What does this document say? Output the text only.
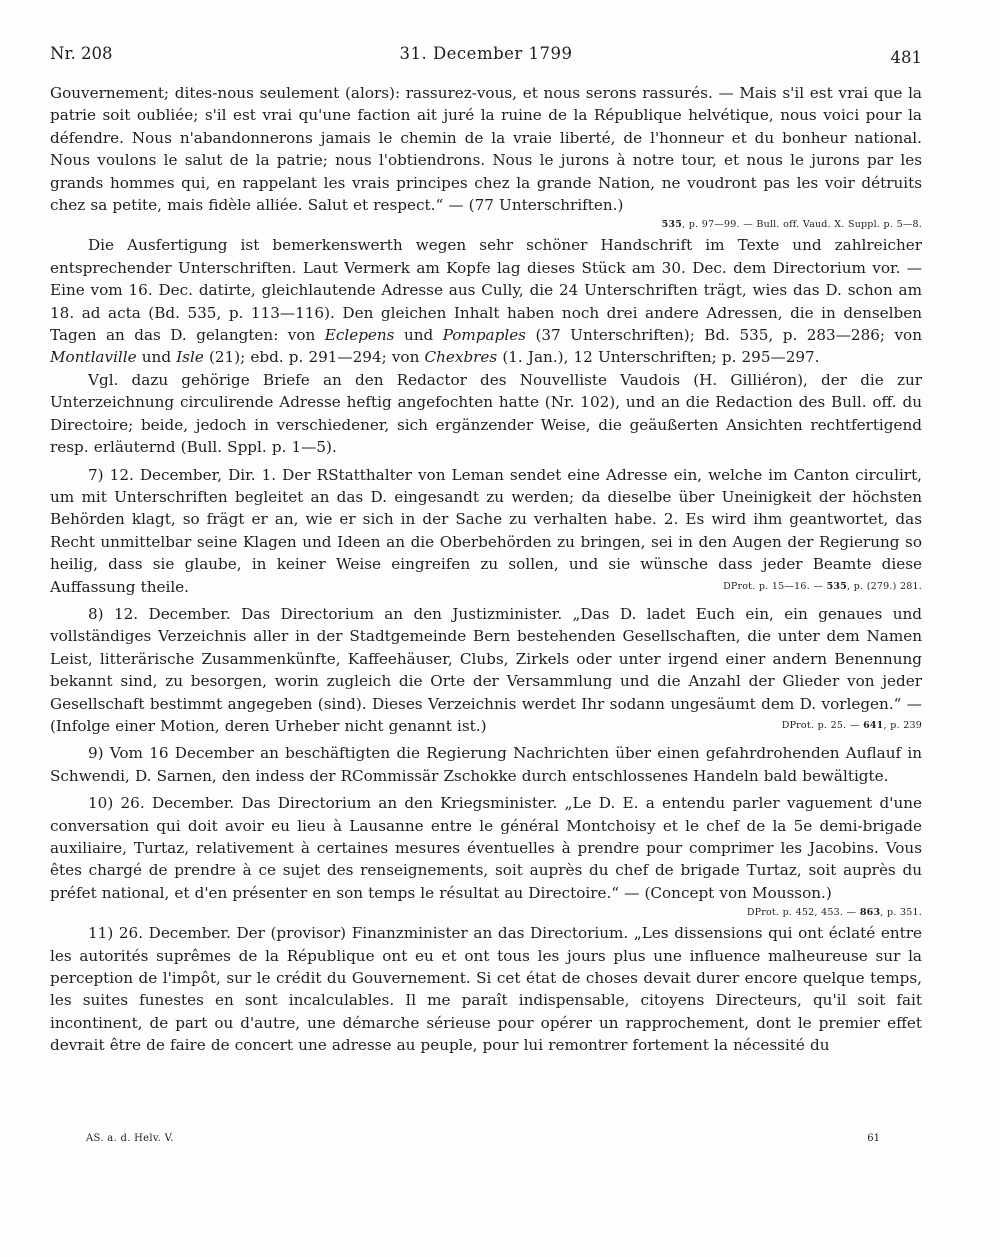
Nr. 208	31. December 1799	481

Gouvernement; dites-nous seulement (alors): rassurez-vous, et nous serons rassurés. — Mais s'il est vrai que la patrie soit oubliée; s'il est vrai qu'une faction ait juré la ruine de la République helvétique, nous voici pour la défendre. Nous n'abandonnerons jamais le chemin de la vraie liberté, de l'honneur et du bonheur national. Nous voulons le salut de la patrie; nous l'obtiendrons. Nous le jurons à notre tour, et nous le jurons par les grands hommes qui, en rappelant les vrais principes chez la grande Nation, ne voudront pas les voir détruits chez sa petite, mais fidèle alliée. Salut et respect.“ — (77 Unterschriften.)
535, p. 97—99. — Bull. off. Vaud. X. Suppl. p. 5—8.

Die Ausfertigung ist bemerkenswerth wegen sehr schöner Handschrift im Texte und zahlreicher entsprechender Unterschriften. Laut Vermerk am Kopfe lag dieses Stück am 30. Dec. dem Directorium vor. — Eine vom 16. Dec. datirte, gleichlautende Adresse aus Cully, die 24 Unterschriften trägt, wies das D. schon am 18. ad acta (Bd. 535, p. 113—116). Den gleichen Inhalt haben noch drei andere Adressen, die in denselben Tagen an das D. gelangten: von Eclepens und Pompaples (37 Unterschriften); Bd. 535, p. 283—286; von Montlaville und Isle (21); ebd. p. 291—294; von Chexbres (1. Jan.), 12 Unterschriften; p. 295—297.

Vgl. dazu gehörige Briefe an den Redactor des Nouvelliste Vaudois (H. Gilliéron), der die zur Unterzeichnung circulirende Adresse heftig angefochten hatte (Nr. 102), und an die Redaction des Bull. off. du Directoire; beide, jedoch in verschiedener, sich ergänzender Weise, die geäußerten Ansichten rechtfertigend resp. erläuternd (Bull. Sppl. p. 1—5).

7) 12. December, Dir. 1. Der RStatthalter von Leman sendet eine Adresse ein, welche im Canton circulirt, um mit Unterschriften begleitet an das D. eingesandt zu werden; da dieselbe über Uneinigkeit der höchsten Behörden klagt, so frägt er an, wie er sich in der Sache zu verhalten habe. 2. Es wird ihm geantwortet, das Recht unmittelbar seine Klagen und Ideen an die Oberbehörden zu bringen, sei in den Augen der Regierung so heilig, dass sie glaube, in keiner Weise eingreifen zu sollen, und sie wünsche dass jeder Beamte diese Auffassung theile.	DProt. p. 15—16. — 535, p. (279.) 281.

8) 12. December. Das Directorium an den Justizminister. „Das D. ladet Euch ein, ein genaues und vollständiges Verzeichnis aller in der Stadtgemeinde Bern bestehenden Gesellschaften, die unter dem Namen Leist, litterärische Zusammenkünfte, Kaffeehäuser, Clubs, Zirkels oder unter irgend einer andern Benennung bekannt sind, zu besorgen, worin zugleich die Orte der Versammlung und die Anzahl der Glieder von jeder Gesellschaft bestimmt angegeben (sind). Dieses Verzeichnis werdet Ihr sodann ungesäumt dem D. vorlegen.“ — (Infolge einer Motion, deren Urheber nicht genannt ist.)	DProt. p. 25. — 641, p. 239

9) Vom 16 December an beschäftigten die Regierung Nachrichten über einen gefahrdrohenden Auflauf in Schwendi, D. Sarnen, den indess der RCommissär Zschokke durch entschlossenes Handeln bald bewältigte.

10) 26. December. Das Directorium an den Kriegsminister. „Le D. E. a entendu parler vaguement d'une conversation qui doit avoir eu lieu à Lausanne entre le général Montchoisy et le chef de la 5e demi-brigade auxiliaire, Turtaz, relativement à certaines mesures éventuelles à prendre pour comprimer les Jacobins. Vous êtes chargé de prendre à ce sujet des renseignements, soit auprès du chef de brigade Turtaz, soit auprès du préfet national, et d'en présenter en son temps le résultat au Directoire.“ — (Concept von Mousson.)
DProt. p. 452, 453. — 863, p. 351.

11) 26. December. Der (provisor) Finanzminister an das Directorium. „Les dissensions qui ont éclaté entre les autorités suprêmes de la République ont eu et ont tous les jours plus une influence malheureuse sur la perception de l'impôt, sur le crédit du Gouvernement. Si cet état de choses devait durer encore quelque temps, les suites funestes en sont incalculables. Il me paraît indispensable, citoyens Directeurs, qu'il soit fait incontinent, de part ou d'autre, une démarche sérieuse pour opérer un rapprochement, dont le premier effet devrait être de faire de concert une adresse au peuple, pour lui remontrer fortement la nécessité du

AS. a. d. Helv. V.	61
